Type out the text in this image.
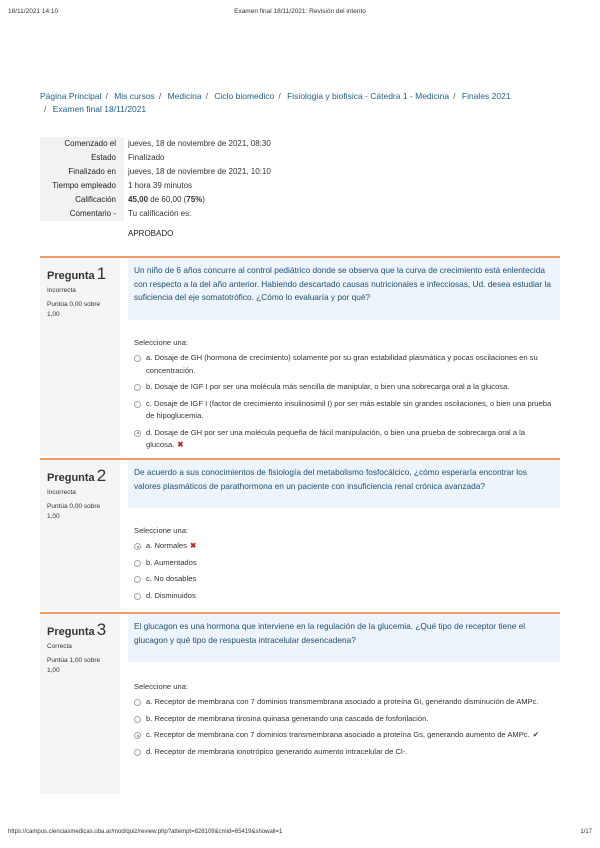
18/11/2021 14:10	Examen final 18/11/2021: Revisión del intento
Página Principal / Mis cursos / Medicina / Ciclo biomedico / Fisiologia y biofisica - Cátedra 1 - Medicina / Finales 2021
/ Examen final 18/11/2021
Comenzado el	jueves, 18 de noviembre de 2021, 08:30
Estado	Finalizado
Finalizado en	jueves, 18 de noviembre de 2021, 10:10
Tiempo empleado	1 hora 39 minutos
Calificación	45,00 de 60,00 (75%)
Comentario -	Tu calificación es:
APROBADO
Pregunta 1
Incorrecta
Puntúa 0,00 sobre 1,00
Un niño de 6 años concurre al control pediátrico donde se observa que la curva de crecimiento está enlentecida con respecto a la del año anterior. Habiendo descartado causas nutricionales e infecciosas, Ud. desea estudiar la suficiencia del eje somatotrófico. ¿Cómo lo evaluaría y por qué?
Seleccione una:
a. Dosaje de GH (hormona de crecimiento) solamente por su gran estabilidad plasmática y pocas oscilaciones en su concentración.
b. Dosaje de IGF I por ser una molécula más sencilla de manipular, o bien una sobrecarga oral a la glucosa.
c. Dosaje de IGF I (factor de crecimiento insulinosimil I) por ser más estable sin grandes oscilaciones, o bien una prueba de hipoglucemia.
d. Dosaje de GH por ser una molécula pequeña de fácil manipulación, o bien una prueba de sobrecarga oral a la glucosa. ✖
Pregunta 2
Incorrecta
Puntúa 0,00 sobre 1,00
De acuerdo a sus conocimientos de fisiología del metabolismo fosfocálcico, ¿cómo esperaría encontrar los valores plasmáticos de parathormona en un paciente con insuficiencia renal crónica avanzada?
Seleccione una:
a. Normales ✖
b. Aumentados
c. No dosables
d. Disminuidos
Pregunta 3
Correcta
Puntúa 1,00 sobre 1,00
El glucagon es una hormona que interviene en la regulación de la glucemia. ¿Qué tipo de receptor tiene el glucagon y qué tipo de respuesta intracelular desencadena?
Seleccione una:
a. Receptor de membrana con 7 dominios transmembrana asociado a proteína Gi, generando disminución de AMPc.
b. Receptor de membrana tirosina quinasa generando una cascada de fosforilación.
c. Receptor de membrana con 7 dominios transmembrana asociado a proteína Gs, generando aumento de AMPc. ✔
d. Receptor de membrana ionotrópico generando aumento intracelular de Cl-.
https://campus.cienciasmedicas.uba.ar/mod/quiz/review.php?attempt=828109&cmid=65419&showall=1	1/17
